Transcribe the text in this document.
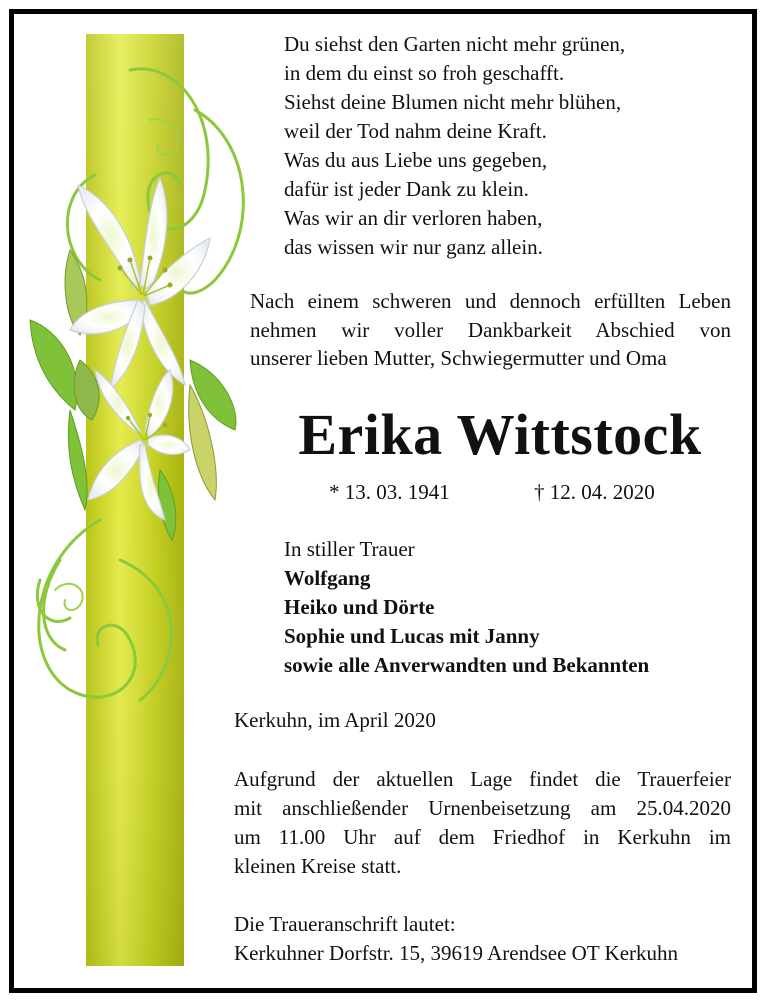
Du siehst den Garten nicht mehr grünen,
in dem du einst so froh geschafft.
Siehst deine Blumen nicht mehr blühen,
weil der Tod nahm deine Kraft.
Was du aus Liebe uns gegeben,
dafür ist jeder Dank zu klein.
Was wir an dir verloren haben,
das wissen wir nur ganz allein.
Nach einem schweren und dennoch erfüllten Leben
nehmen wir voller Dankbarkeit Abschied von
unserer lieben Mutter, Schwiegermutter und Oma
Erika Wittstock
* 13. 03. 1941	† 12. 04. 2020
In stiller Trauer
Wolfgang
Heiko und Dörte
Sophie und Lucas mit Janny
sowie alle Anverwandten und Bekannten
Kerkuhn, im April 2020
Aufgrund der aktuellen Lage findet die Trauerfeier
mit anschließender Urnenbeisetzung am 25.04.2020
um 11.00 Uhr auf dem Friedhof in Kerkuhn im
kleinen Kreise statt.
Die Traueranschrift lautet:
Kerkuhner Dorfstr. 15, 39619 Arendsee OT Kerkuhn
